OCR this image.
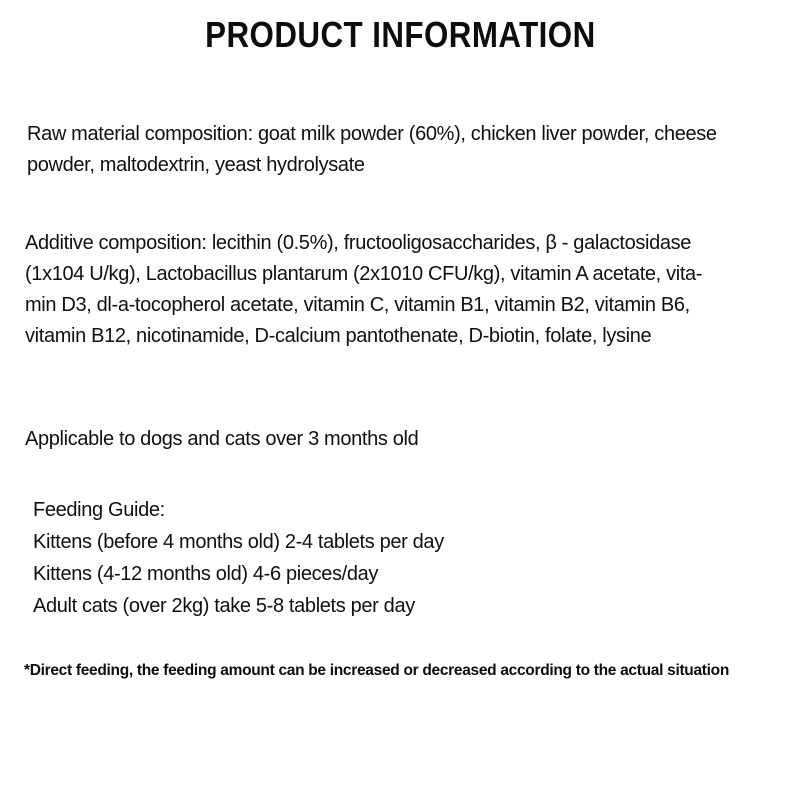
PRODUCT INFORMATION
Raw material composition: goat milk powder (60%), chicken liver powder, cheese
powder, maltodextrin, yeast hydrolysate
Additive composition: lecithin (0.5%), fructooligosaccharides, β - galactosidase
(1x104 U/kg), Lactobacillus plantarum (2x1010 CFU/kg), vitamin A acetate, vita-
min D3, dl-a-tocopherol acetate, vitamin C, vitamin B1, vitamin B2, vitamin B6,
vitamin B12, nicotinamide, D-calcium pantothenate, D-biotin, folate, lysine
Applicable to dogs and cats over 3 months old
Feeding Guide:
Kittens (before 4 months old) 2-4 tablets per day
Kittens (4-12 months old) 4-6 pieces/day
Adult cats (over 2kg) take 5-8 tablets per day
*Direct feeding, the feeding amount can be increased or decreased according to the actual situation
